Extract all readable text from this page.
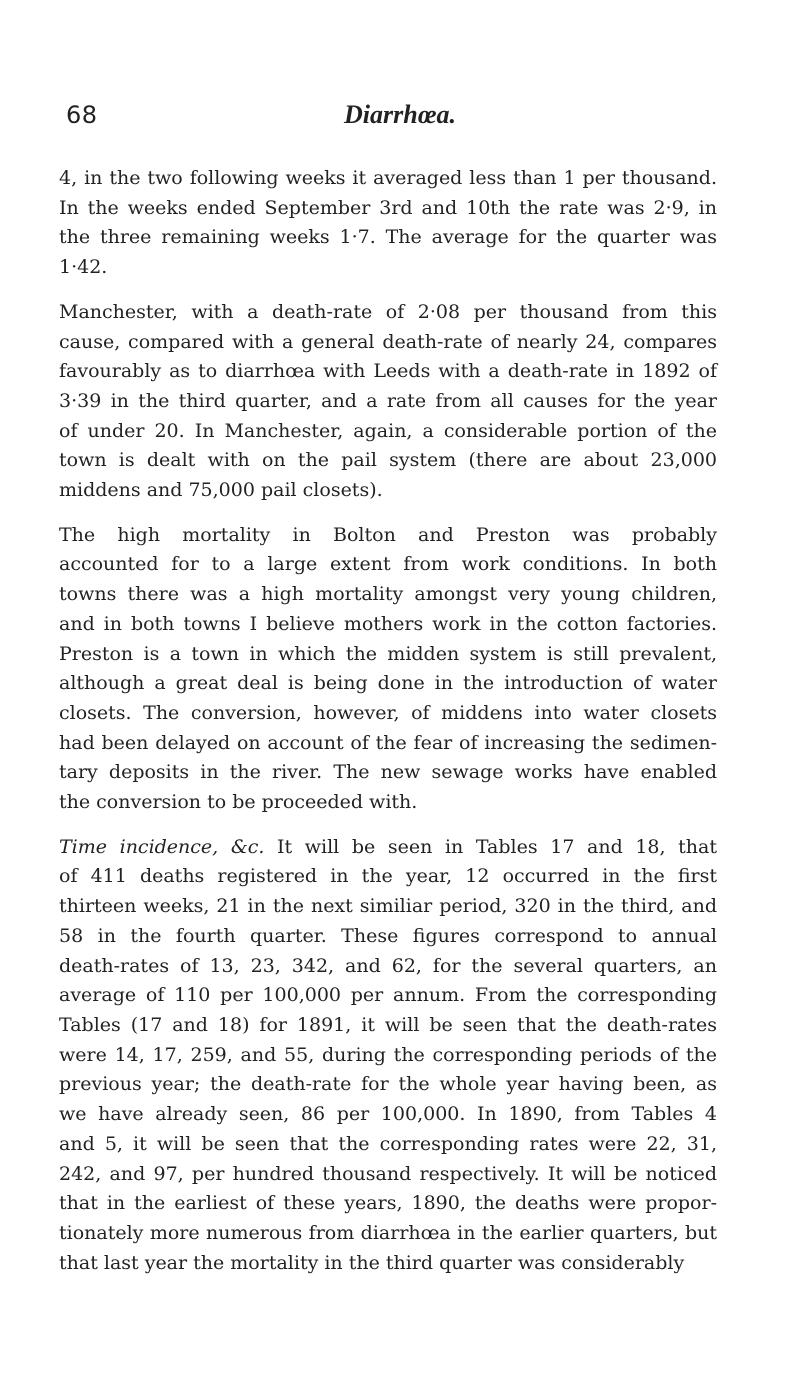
68	Diarrhœa.
4, in the two following weeks it averaged less than 1 per thousand.
In the weeks ended September 3rd and 10th the rate was 2·9, in
the three remaining weeks 1·7. The average for the quarter was
1·42.
Manchester, with a death-rate of 2·08 per thousand from this
cause, compared with a general death-rate of nearly 24, compares
favourably as to diarrhœa with Leeds with a death-rate in 1892 of
3·39 in the third quarter, and a rate from all causes for the year
of under 20. In Manchester, again, a considerable portion of the
town is dealt with on the pail system (there are about 23,000
middens and 75,000 pail closets).
The high mortality in Bolton and Preston was probably
accounted for to a large extent from work conditions. In both
towns there was a high mortality amongst very young children,
and in both towns I believe mothers work in the cotton factories.
Preston is a town in which the midden system is still prevalent,
although a great deal is being done in the introduction of water
closets. The conversion, however, of middens into water closets
had been delayed on account of the fear of increasing the sedimen-
tary deposits in the river. The new sewage works have enabled
the conversion to be proceeded with.
Time incidence, &c. It will be seen in Tables 17 and 18, that
of 411 deaths registered in the year, 12 occurred in the first
thirteen weeks, 21 in the next similiar period, 320 in the third, and
58 in the fourth quarter. These figures correspond to annual
death-rates of 13, 23, 342, and 62, for the several quarters, an
average of 110 per 100,000 per annum. From the corresponding
Tables (17 and 18) for 1891, it will be seen that the death-rates
were 14, 17, 259, and 55, during the corresponding periods of the
previous year; the death-rate for the whole year having been, as
we have already seen, 86 per 100,000. In 1890, from Tables 4
and 5, it will be seen that the corresponding rates were 22, 31,
242, and 97, per hundred thousand respectively. It will be noticed
that in the earliest of these years, 1890, the deaths were propor-
tionately more numerous from diarrhœa in the earlier quarters, but
that last year the mortality in the third quarter was considerably
